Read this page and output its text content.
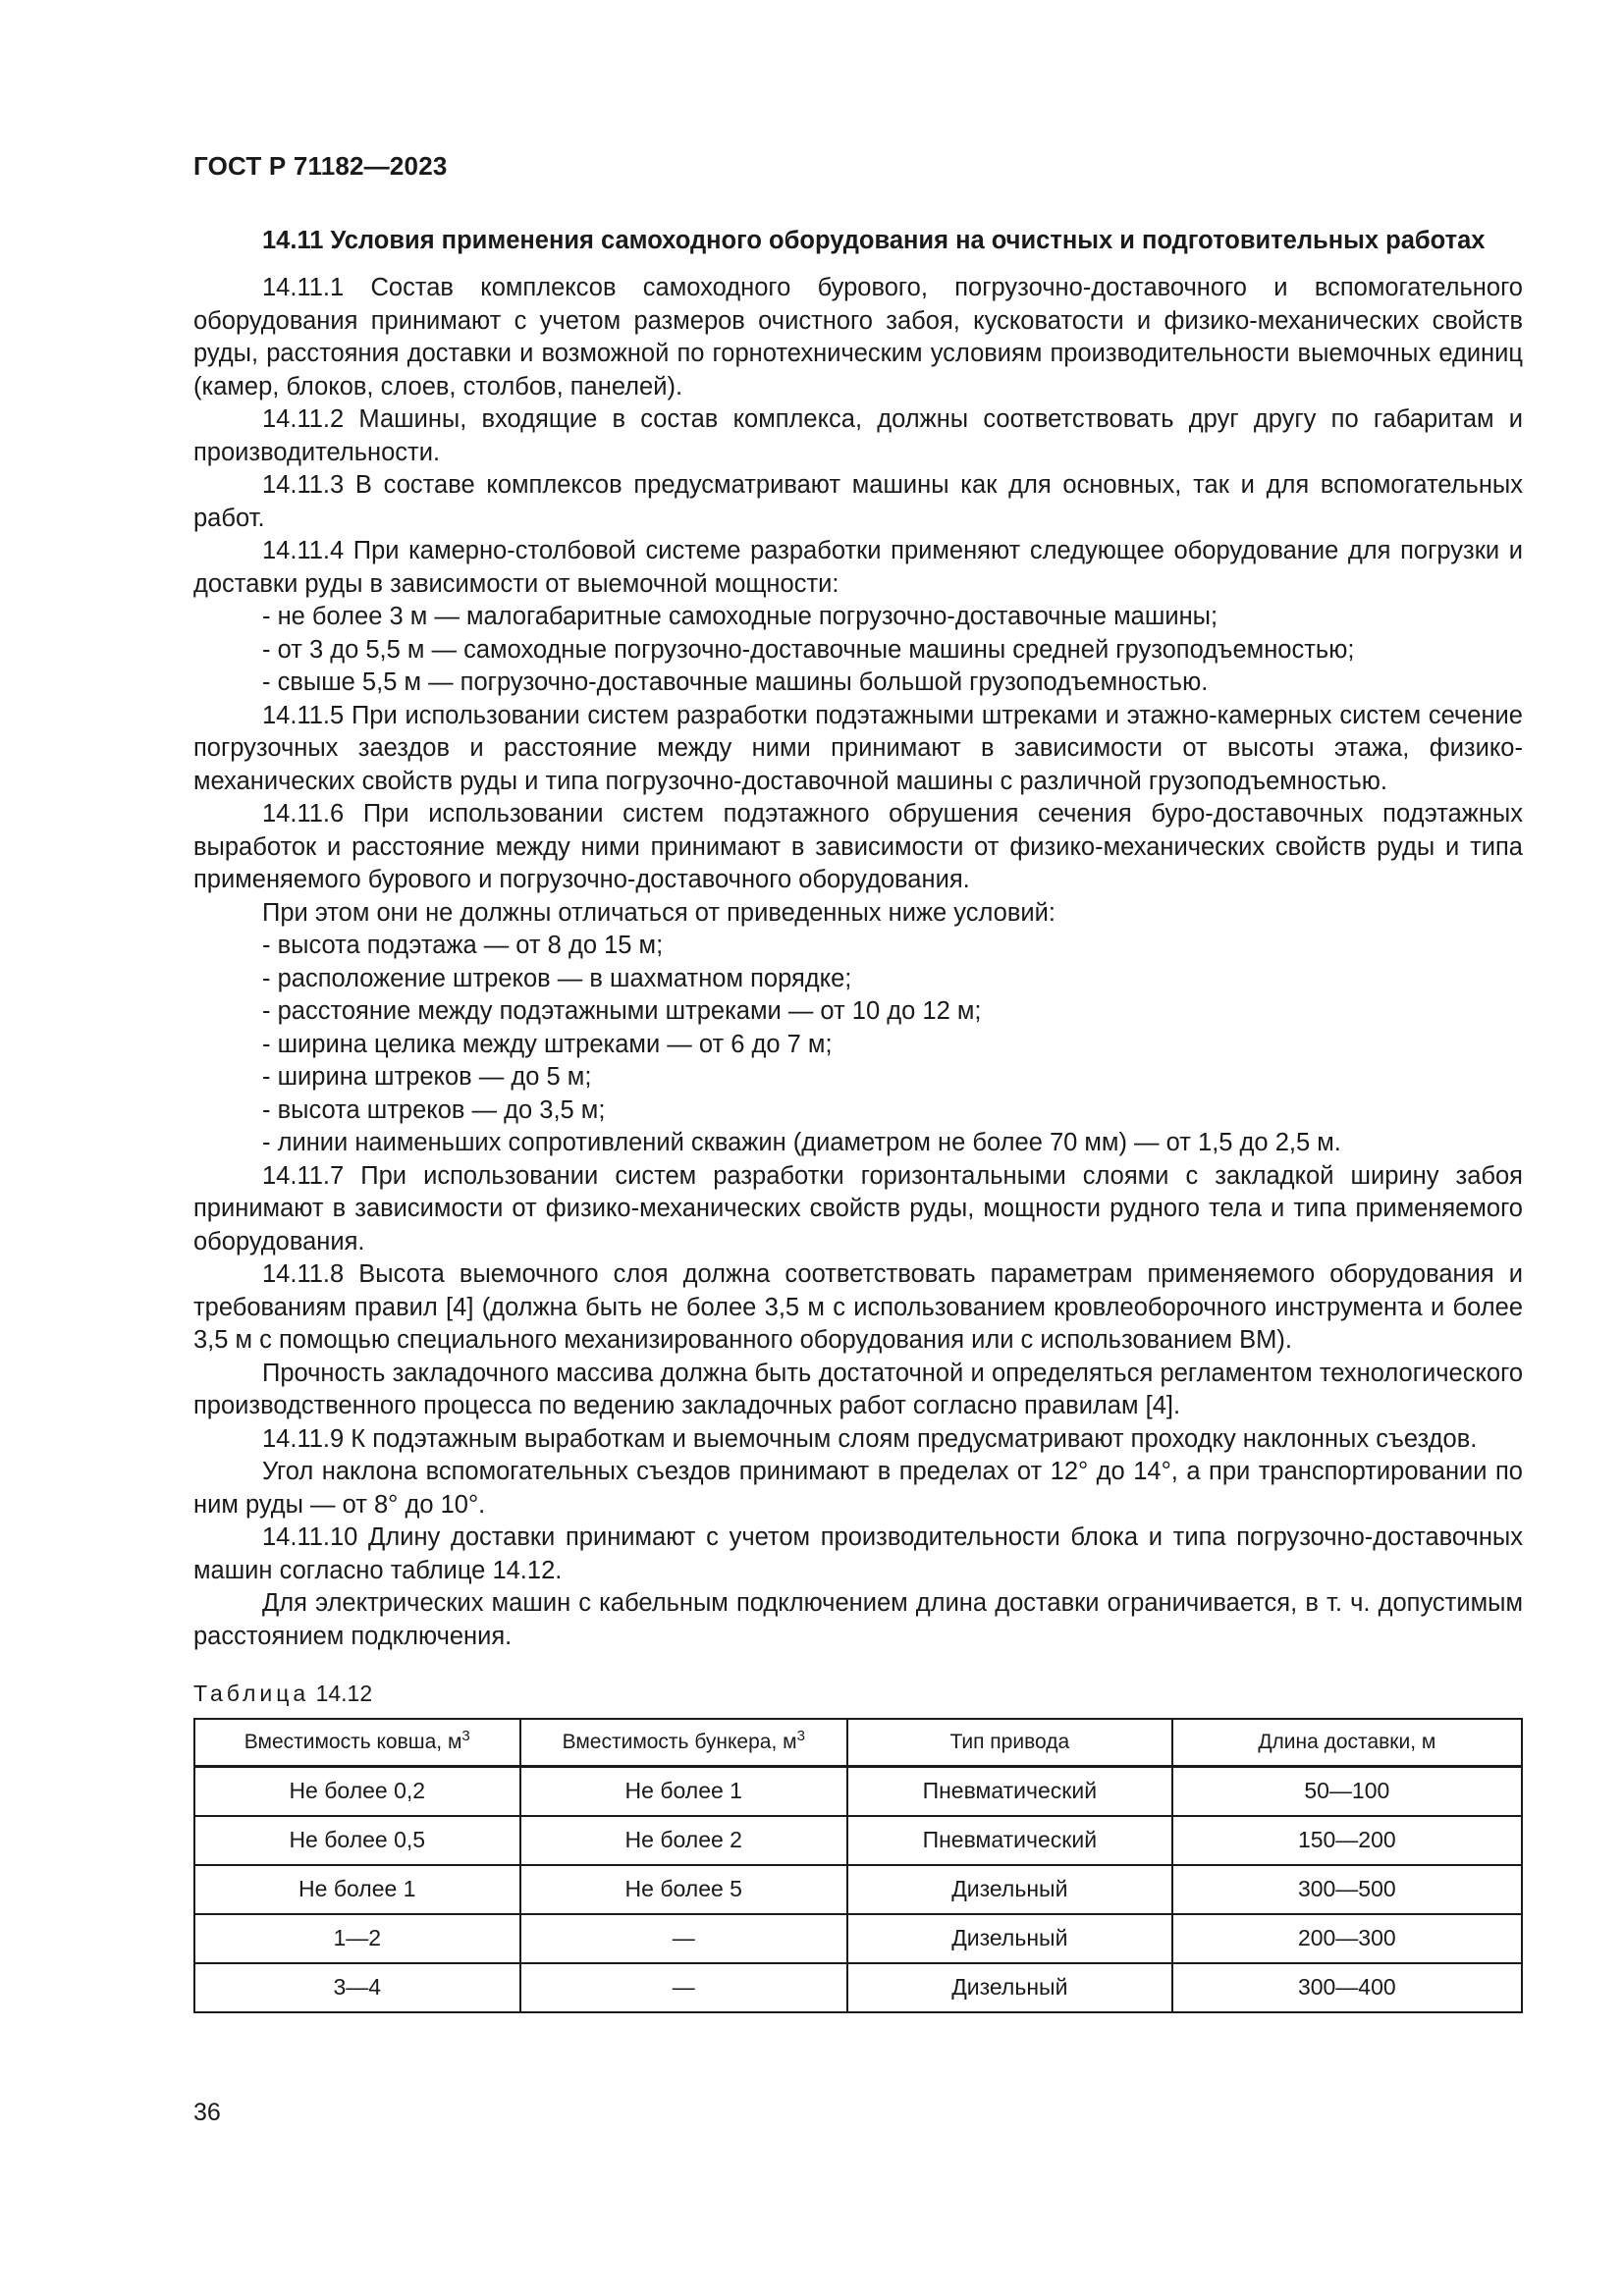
ГОСТ Р 71182—2023
14.11 Условия применения самоходного оборудования на очистных и подготовительных работах
14.11.1 Состав комплексов самоходного бурового, погрузочно-доставочного и вспомогательного оборудования принимают с учетом размеров очистного забоя, кусковатости и физико-механических свойств руды, расстояния доставки и возможной по горнотехническим условиям производительности выемочных единиц (камер, блоков, слоев, столбов, панелей).
14.11.2 Машины, входящие в состав комплекса, должны соответствовать друг другу по габаритам и производительности.
14.11.3 В составе комплексов предусматривают машины как для основных, так и для вспомогательных работ.
14.11.4 При камерно-столбовой системе разработки применяют следующее оборудование для погрузки и доставки руды в зависимости от выемочной мощности:
- не более 3 м — малогабаритные самоходные погрузочно-доставочные машины;
- от 3 до 5,5 м — самоходные погрузочно-доставочные машины средней грузоподъемностью;
- свыше 5,5 м — погрузочно-доставочные машины большой грузоподъемностью.
14.11.5 При использовании систем разработки подэтажными штреками и этажно-камерных систем сечение погрузочных заездов и расстояние между ними принимают в зависимости от высоты этажа, физико-механических свойств руды и типа погрузочно-доставочной машины с различной грузоподъемностью.
14.11.6 При использовании систем подэтажного обрушения сечения буро-доставочных подэтажных выработок и расстояние между ними принимают в зависимости от физико-механических свойств руды и типа применяемого бурового и погрузочно-доставочного оборудования.
При этом они не должны отличаться от приведенных ниже условий:
- высота подэтажа — от 8 до 15 м;
- расположение штреков — в шахматном порядке;
- расстояние между подэтажными штреками — от 10 до 12 м;
- ширина целика между штреками — от 6 до 7 м;
- ширина штреков — до 5 м;
- высота штреков — до 3,5 м;
- линии наименьших сопротивлений скважин (диаметром не более 70 мм) — от 1,5 до 2,5 м.
14.11.7 При использовании систем разработки горизонтальными слоями с закладкой ширину забоя принимают в зависимости от физико-механических свойств руды, мощности рудного тела и типа применяемого оборудования.
14.11.8 Высота выемочного слоя должна соответствовать параметрам применяемого оборудования и требованиям правил [4] (должна быть не более 3,5 м с использованием кровлеоборочного инструмента и более 3,5 м с помощью специального механизированного оборудования или с использованием ВМ).
Прочность закладочного массива должна быть достаточной и определяться регламентом технологического производственного процесса по ведению закладочных работ согласно правилам [4].
14.11.9 К подэтажным выработкам и выемочным слоям предусматривают проходку наклонных съездов.
Угол наклона вспомогательных съездов принимают в пределах от 12° до 14°, а при транспортировании по ним руды — от 8° до 10°.
14.11.10 Длину доставки принимают с учетом производительности блока и типа погрузочно-доставочных машин согласно таблице 14.12.
Для электрических машин с кабельным подключением длина доставки ограничивается, в т. ч. допустимым расстоянием подключения.
Таблица 14.12
Вместимость ковша, $м^3$	Вместимость бункера, $м^3$	Тип привода	Длина доставки, м
Не более 0,2	Не более 1	Пневматический	50—100
Не более 0,5	Не более 2	Пневматический	150—200
Не более 1	Не более 5	Дизельный	300—500
1—2	—	Дизельный	200—300
3—4	—	Дизельный	300—400
36
